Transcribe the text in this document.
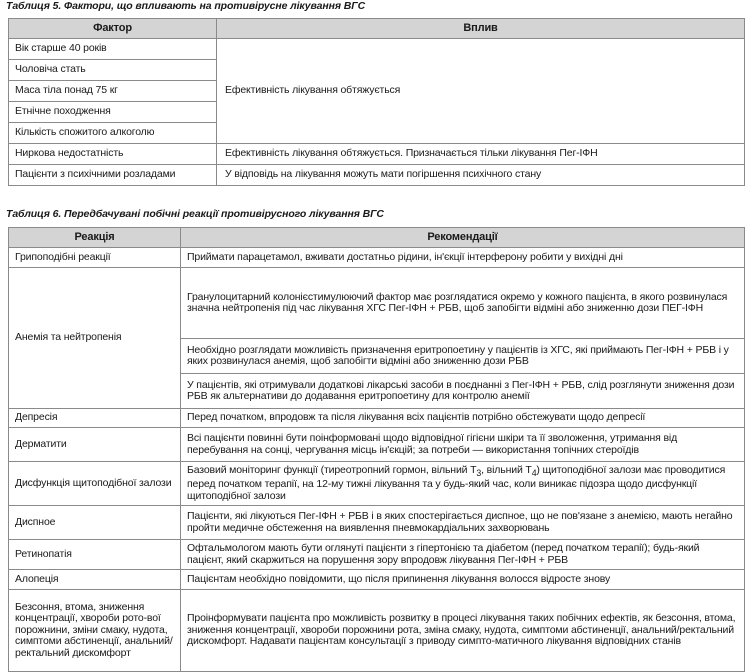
Таблиця 5. Фактори, що впливають на противірусне лікування ВГС
Фактор	Вплив
Вік старше 40 років	Ефективність лікування обтяжується
Чоловіча стать	
Маса тіла понад 75 кг	
Етнічне походження	
Кількість спожитого алкоголю	
Ниркова недостатність	Ефективність лікування обтяжується. Призначається тільки лікування Пег-ІФН
Пацієнти з психічними розладами	У відповідь на лікування можуть мати погіршення психічного стану
Таблиця 6. Передбачувані побічні реакції противірусного лікування ВГС
Реакція	Рекомендації
Грипоподібні реакції	Приймати парацетамол, вживати достатньо рідини, ін'єкції інтерферону робити у вихідні дні
Анемія та нейтропенія	Гранулоцитарний колонієстимулюючий фактор має розглядатися окремо у кожного пацієнта, в якого розвинулася значна нейтропенія під час лікування ХГС Пег-ІФН + РБВ, щоб запобігти відміні або зниженню дози ПЕГ-ІФН
	Необхідно розглядати можливість призначення еритропоетину у пацієнтів із ХГС, які приймають Пег-ІФН + РБВ і у яких розвинулася анемія, щоб запобігти відміні або зниженню дози РБВ
	У пацієнтів, які отримували додаткові лікарські засоби в поєднанні з Пег-ІФН + РБВ, слід розглянути зниження дози РБВ як альтернативи до додавання еритропоетину для контролю анемії
Депресія	Перед початком, впродовж та після лікування всіх пацієнтів потрібно обстежувати щодо депресії
Дерматити	Всі пацієнти повинні бути поінформовані щодо відповідної гігієни шкіри та її зволоження, утримання від перебування на сонці, чергування місць ін'єкцій; за потреби — використання топічних стероїдів
Дисфункція щитоподібної залози	Базовий моніторинг функції (тиреотропний гормон, вільний $Т_3$, вільний $Т_4$) щитоподібної залози має проводитися перед початком терапії, на 12-му тижні лікування та у будь-який час, коли виникає підозра щодо дисфункції щитоподібної залози
Диспное	Пацієнти, які лікуються Пег-ІФН + РБВ і в яких спостерігається диспное, що не пов'язане з анемією, мають негайно пройти медичне обстеження на виявлення пневмокардіальних захворювань
Ретинопатія	Офтальмологом мають бути оглянуті пацієнти з гіпертонією та діабетом (перед початком терапії); будь-який пацієнт, який скаржиться на порушення зору впродовж лікування Пег-ІФН + РБВ
Алопеція	Пацієнтам необхідно повідомити, що після припинення лікування волосся відросте знову
Безсоння, втома, зниження концентрації, хвороби рото-вої порожнини, зміни смаку, нудота, симптоми абстиненції, анальний/ректальний дискомфорт	Проінформувати пацієнта про можливість розвитку в процесі лікування таких побічних ефектів, як безсоння, втома, зниження концентрації, хвороби порожнини рота, зміна смаку, нудота, симптоми абстиненції, анальний/ректальний дискомфорт. Надавати пацієнтам консультації з приводу симпто-матичного лікування відповідних станів
